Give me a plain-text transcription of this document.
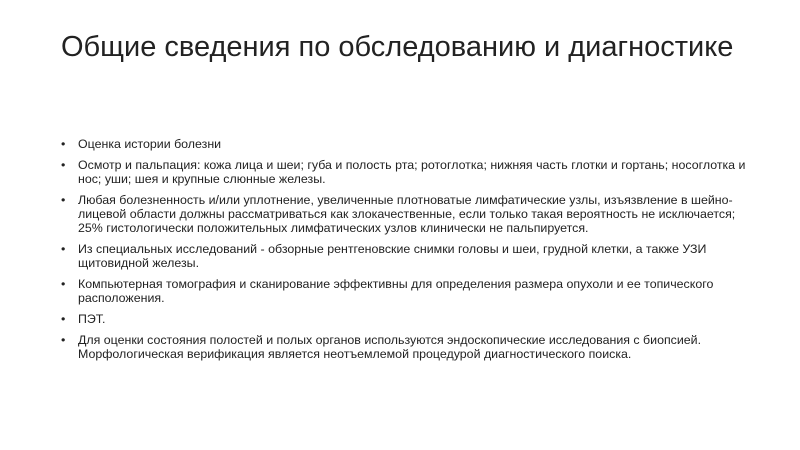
Общие сведения по обследованию и диагностике
•	Оценка истории болезни
•	Осмотр и пальпация: кожа лица и шеи; губа и полость рта; ротоглотка; нижняя часть глотки и гортань; носоглотка и нос; уши; шея и крупные слюнные железы.
•	Любая болезненность и/или уплотнение, увеличенные плотноватые лимфатические узлы, изъязвление в шейно-лицевой области должны рассматриваться как злокачественные, если только такая вероятность не исключается; 25% гистологически положительных лимфатических узлов клинически не пальпируется.
•	Из специальных исследований - обзорные рентгеновские снимки головы и шеи, грудной клетки, а также УЗИ щитовидной железы.
•	Компьютерная томография и сканирование эффективны для определения размера опухоли и ее топического расположения.
•	ПЭТ.
•	Для оценки состояния полостей и полых органов используются эндоскопические исследования с биопсией. Морфологическая верификация является неотъемлемой процедурой диагностического поиска.
